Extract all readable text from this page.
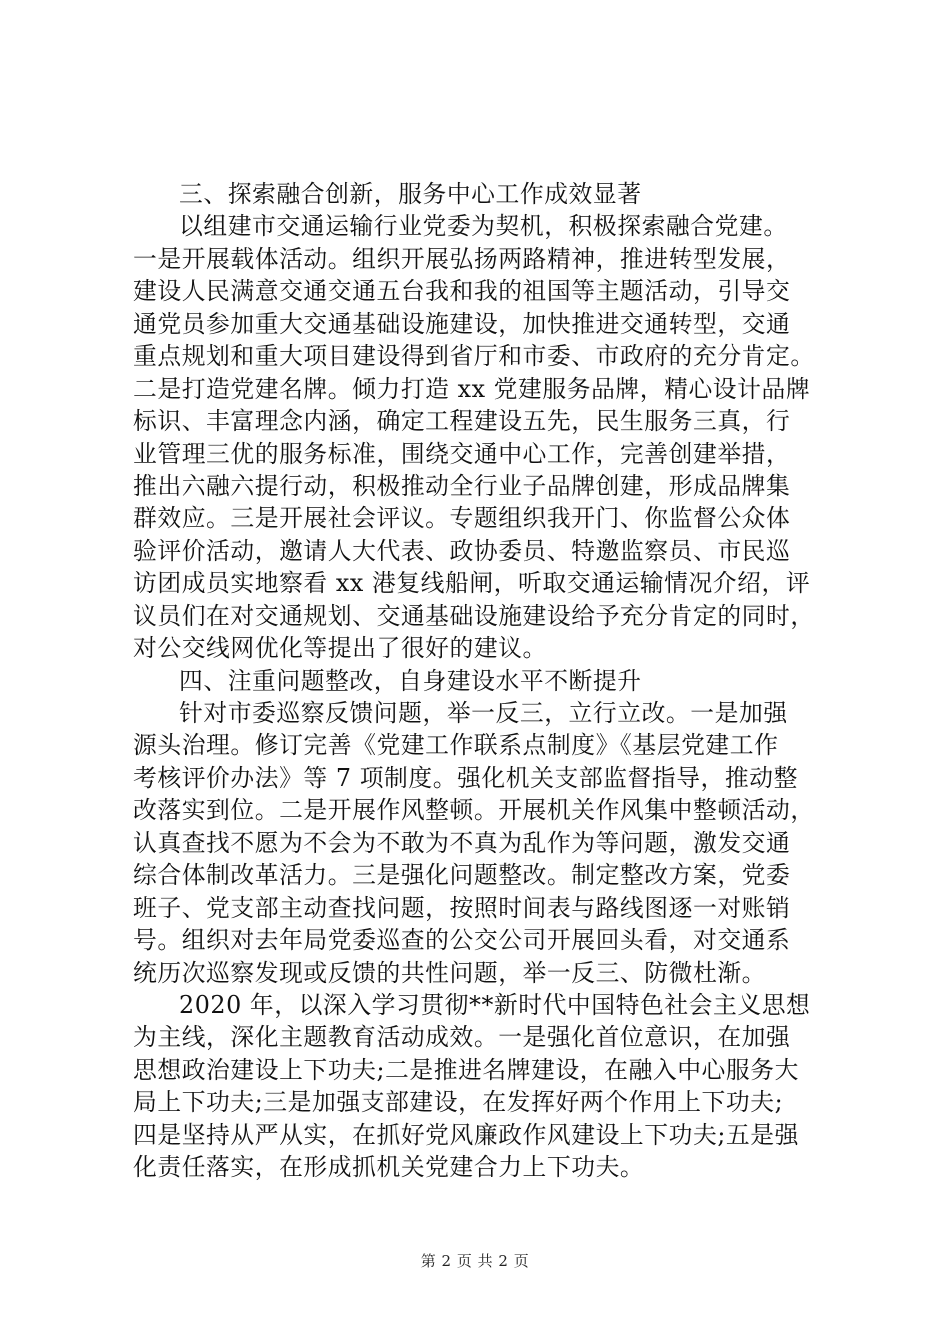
三、探索融合创新，服务中心工作成效显著
以组建市交通运输行业党委为契机，积极探索融合党建。
一是开展载体活动。组织开展弘扬两路精神，推进转型发展，
建设人民满意交通交通五台我和我的祖国等主题活动，引导交
通党员参加重大交通基础设施建设，加快推进交通转型，交通
重点规划和重大项目建设得到省厅和市委、市政府的充分肯定。
二是打造党建名牌。倾力打造 xx 党建服务品牌，精心设计品牌
标识、丰富理念内涵，确定工程建设五先，民生服务三真，行
业管理三优的服务标准，围绕交通中心工作，完善创建举措，
推出六融六提行动，积极推动全行业子品牌创建，形成品牌集
群效应。三是开展社会评议。专题组织我开门、你监督公众体
验评价活动，邀请人大代表、政协委员、特邀监察员、市民巡
访团成员实地察看 xx 港复线船闸，听取交通运输情况介绍，评
议员们在对交通规划、交通基础设施建设给予充分肯定的同时，
对公交线网优化等提出了很好的建议。
四、注重问题整改，自身建设水平不断提升
针对市委巡察反馈问题，举一反三，立行立改。一是加强
源头治理。修订完善《党建工作联系点制度》《基层党建工作
考核评价办法》等 7 项制度。强化机关支部监督指导，推动整
改落实到位。二是开展作风整顿。开展机关作风集中整顿活动，
认真查找不愿为不会为不敢为不真为乱作为等问题，激发交通
综合体制改革活力。三是强化问题整改。制定整改方案，党委
班子、党支部主动查找问题，按照时间表与路线图逐一对账销
号。组织对去年局党委巡查的公交公司开展回头看，对交通系
统历次巡察发现或反馈的共性问题，举一反三、防微杜渐。
2020 年，以深入学习贯彻**新时代中国特色社会主义思想
为主线，深化主题教育活动成效。一是强化首位意识，在加强
思想政治建设上下功夫;二是推进名牌建设，在融入中心服务大
局上下功夫;三是加强支部建设，在发挥好两个作用上下功夫;
四是坚持从严从实，在抓好党风廉政作风建设上下功夫;五是强
化责任落实，在形成抓机关党建合力上下功夫。
第 2 页 共 2 页
